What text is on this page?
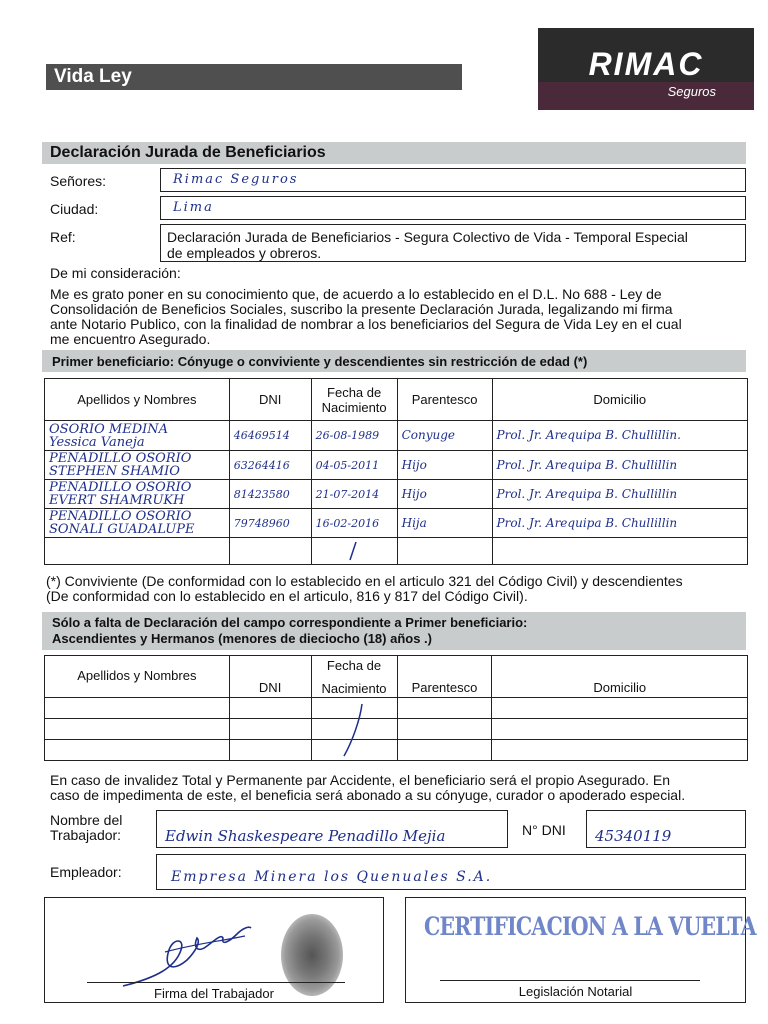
Vida Ley	RIMAC
Seguros
Declaración Jurada de Beneficiarios
Señores:	Rimac Seguros
Ciudad:	Lima
Ref:	Declaración Jurada de Beneficiarios - Segura Colectivo de Vida - Temporal Especial
de empleados y obreros.
De mi consideración:
Me es grato poner en su conocimiento que, de acuerdo a lo establecido en el D.L. No 688 - Ley de
Consolidación de Beneficios Sociales, suscribo la presente Declaración Jurada, legalizando mi firma
ante Notario Publico, con la finalidad de nombrar a los beneficiarios del Segura de Vida Ley en el cual
me encuentro Asegurado.
Primer beneficiario: Cónyuge o conviviente y descendientes sin restricción de edad (*)
Apellidos y Nombres	DNI	Fecha de
Nacimiento	Parentesco	Domicilio

OSORIO MEDINA
Yessica Vaneja	46469514	26-08-1989	Conyuge	Prol. Jr. Arequipa B. Chullillin.

PENADILLO OSORIO
STEPHEN SHAMIO	63264416	04-05-2011	Hijo	Prol. Jr. Arequipa B. Chullillin

PENADILLO OSORIO
EVERT SHAMRUKH	81423580	21-07-2014	Hijo	Prol. Jr. Arequipa B. Chullillin

PENADILLO OSORIO
SONALI GUADALUPE	79748960	16-02-2016	Hija	Prol. Jr. Arequipa B. Chullillin

(*) Conviviente (De conformidad con lo establecido en el articulo 321 del Código Civil) y descendientes
(De conformidad con lo establecido en el articulo, 816 y 817 del Código Civil).
Sólo a falta de Declaración del campo correspondiente a Primer beneficiario:
Ascendientes y Hermanos (menores de dieciocho (18) años .)
Apellidos y Nombres	DNI	Fecha de
Nacimiento	Parentesco	Domicilio

En caso de invalidez Total y Permanente par Accidente, el beneficiario será el propio Asegurado. En
caso de impedimenta de este, el beneficia será abonado a su cónyuge, curador o apoderado especial.
Nombre del
Trabajador:	Edwin Shaskespeare Penadillo Mejia	N° DNI 45340119
Empleador:	Empresa Minera los Quenuales S.A.
Firma del Trabajador
CERTIFICACION A LA VUELTA
Legislación Notarial
